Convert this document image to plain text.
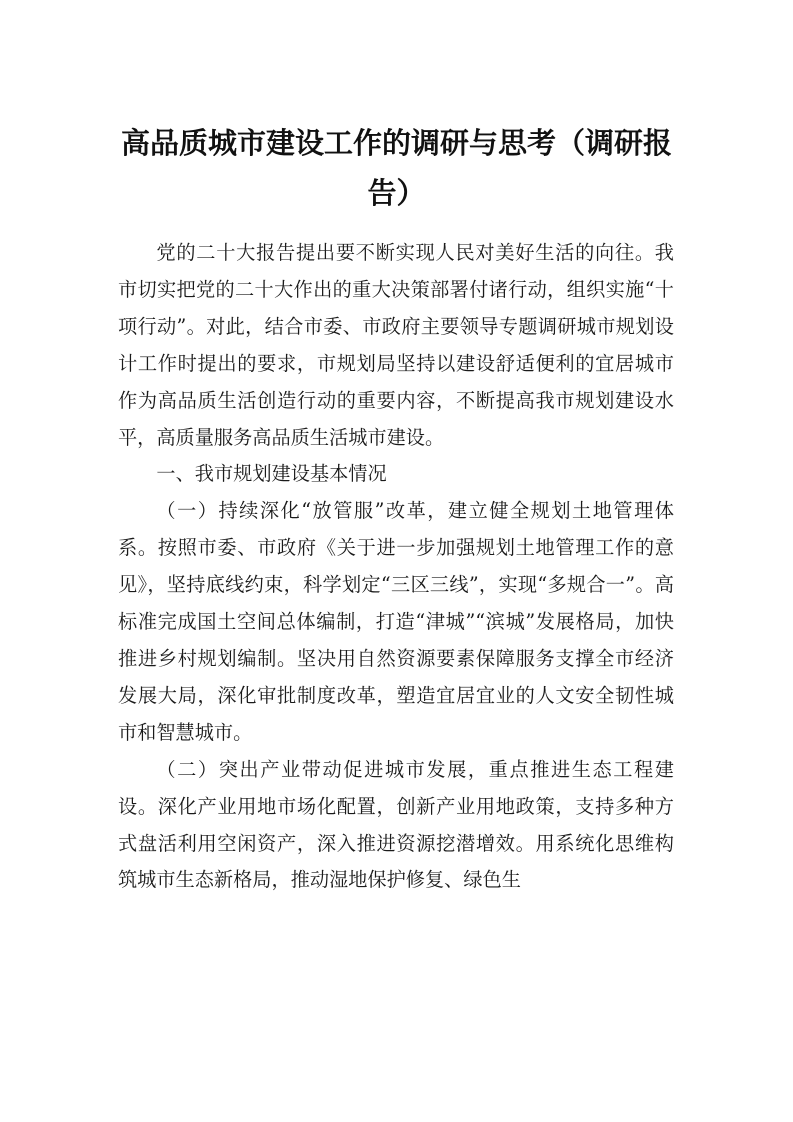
高品质城市建设工作的调研与思考（调研报告）

党的二十大报告提出要不断实现人民对美好生活的向往。我市切实把党的二十大作出的重大决策部署付诸行动，组织实施“十项行动”。对此，结合市委、市政府主要领导专题调研城市规划设计工作时提出的要求，市规划局坚持以建设舒适便利的宜居城市作为高品质生活创造行动的重要内容，不断提高我市规划建设水平，高质量服务高品质生活城市建设。

一、我市规划建设基本情况

（一）持续深化“放管服”改革，建立健全规划土地管理体系。按照市委、市政府《关于进一步加强规划土地管理工作的意见》，坚持底线约束，科学划定“三区三线”，实现“多规合一”。高标准完成国土空间总体编制，打造“津城”“滨城”发展格局，加快推进乡村规划编制。坚决用自然资源要素保障服务支撑全市经济发展大局，深化审批制度改革，塑造宜居宜业的人文安全韧性城市和智慧城市。

（二）突出产业带动促进城市发展，重点推进生态工程建设。深化产业用地市场化配置，创新产业用地政策，支持多种方式盘活利用空闲资产，深入推进资源挖潜增效。用系统化思维构筑城市生态新格局，推动湿地保护修复、绿色生
